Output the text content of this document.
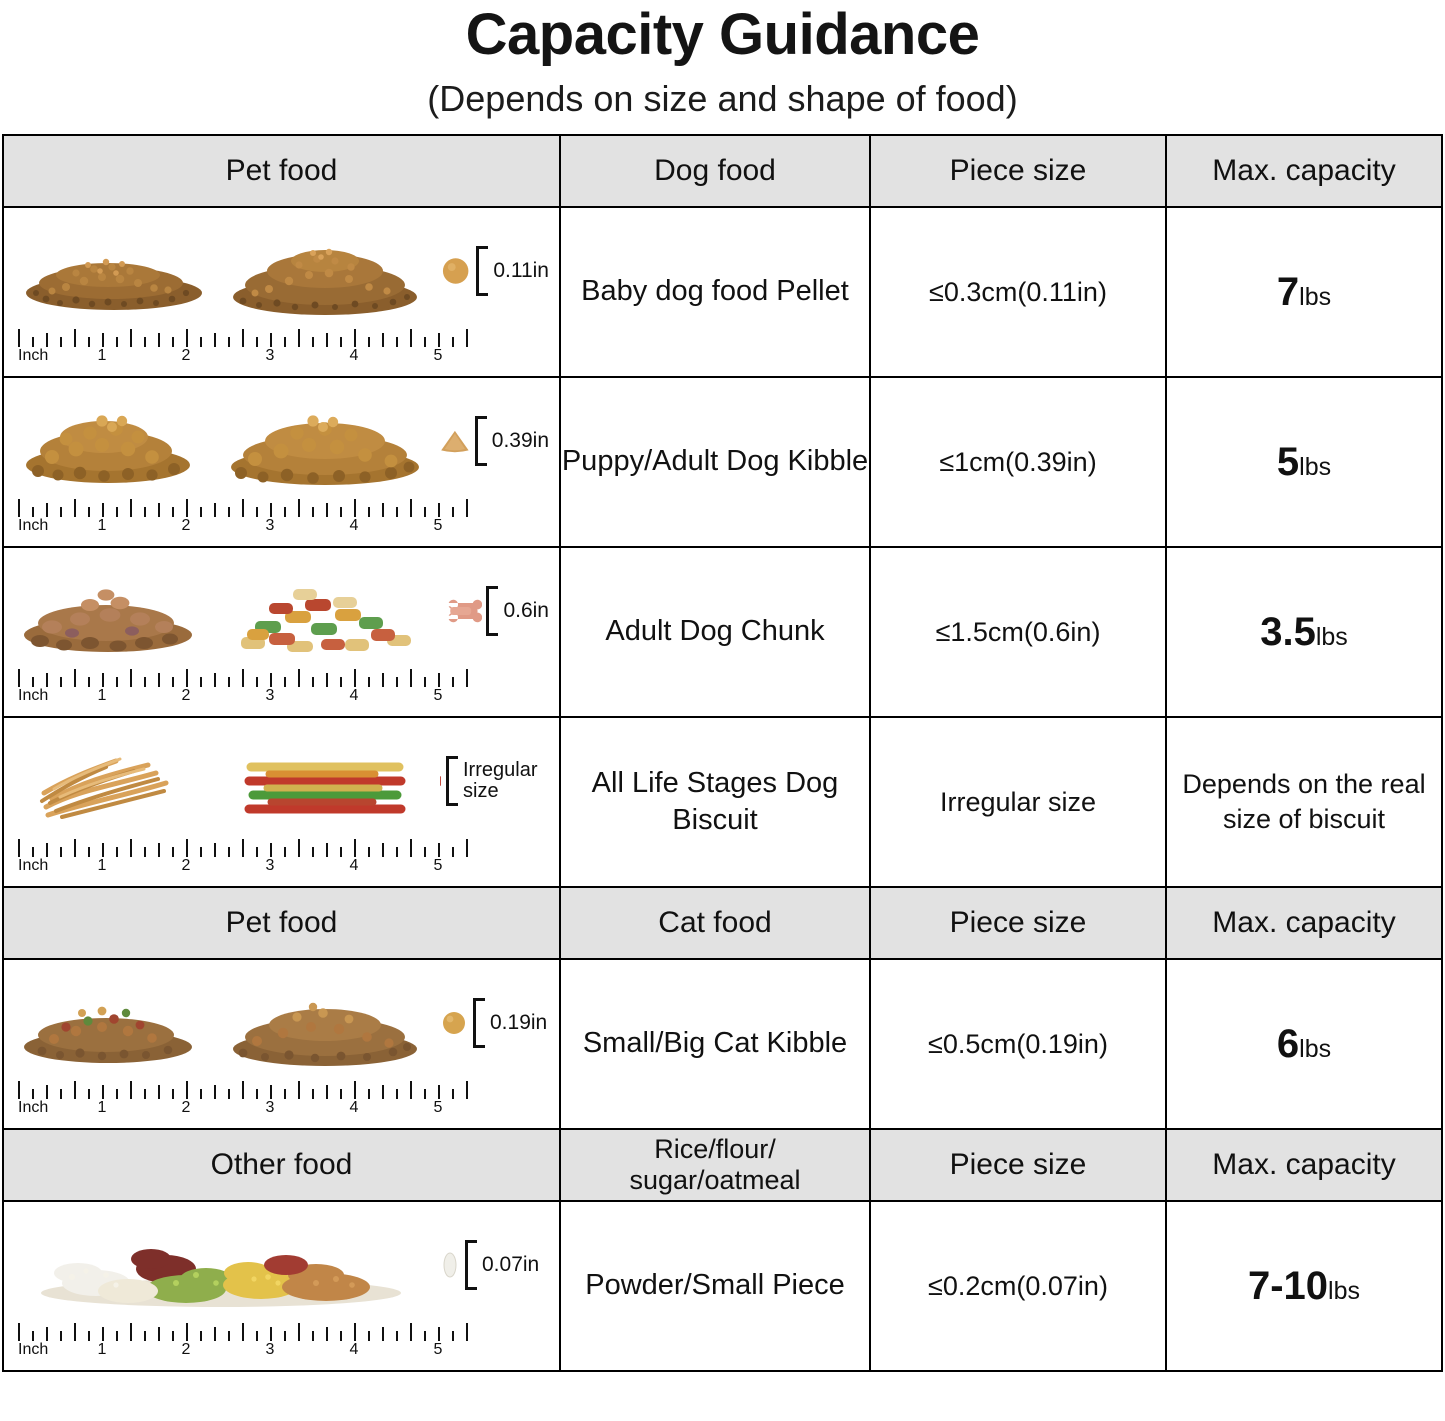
Capacity Guidance
(Depends on size and shape of food)
Pet food	Dog food	Piece size	Max. capacity

0.11in
Inch	1	2	3	4	5
	Baby dog food Pellet	≤0.3cm(0.11in)	7lbs

0.39in
Inch	1	2	3	4	5
	Puppy/Adult Dog Kibble	≤1cm(0.39in)	5lbs

0.6in
Inch	1	2	3	4	5
	Adult Dog Chunk	≤1.5cm(0.6in)	3.5lbs

Irregular size
Inch	1	2	3	4	5
	All Life Stages Dog Biscuit	Irregular size	Depends on the real size of biscuit
Pet food	Cat food	Piece size	Max. capacity

0.19in
Inch	1	2	3	4	5
	Small/Big Cat Kibble	≤0.5cm(0.19in)	6lbs
Other food	Rice/flour/
sugar/oatmeal	Piece size	Max. capacity

0.07in
Inch	1	2	3	4	5
	Powder/Small Piece	≤0.2cm(0.07in)	7-10lbs
